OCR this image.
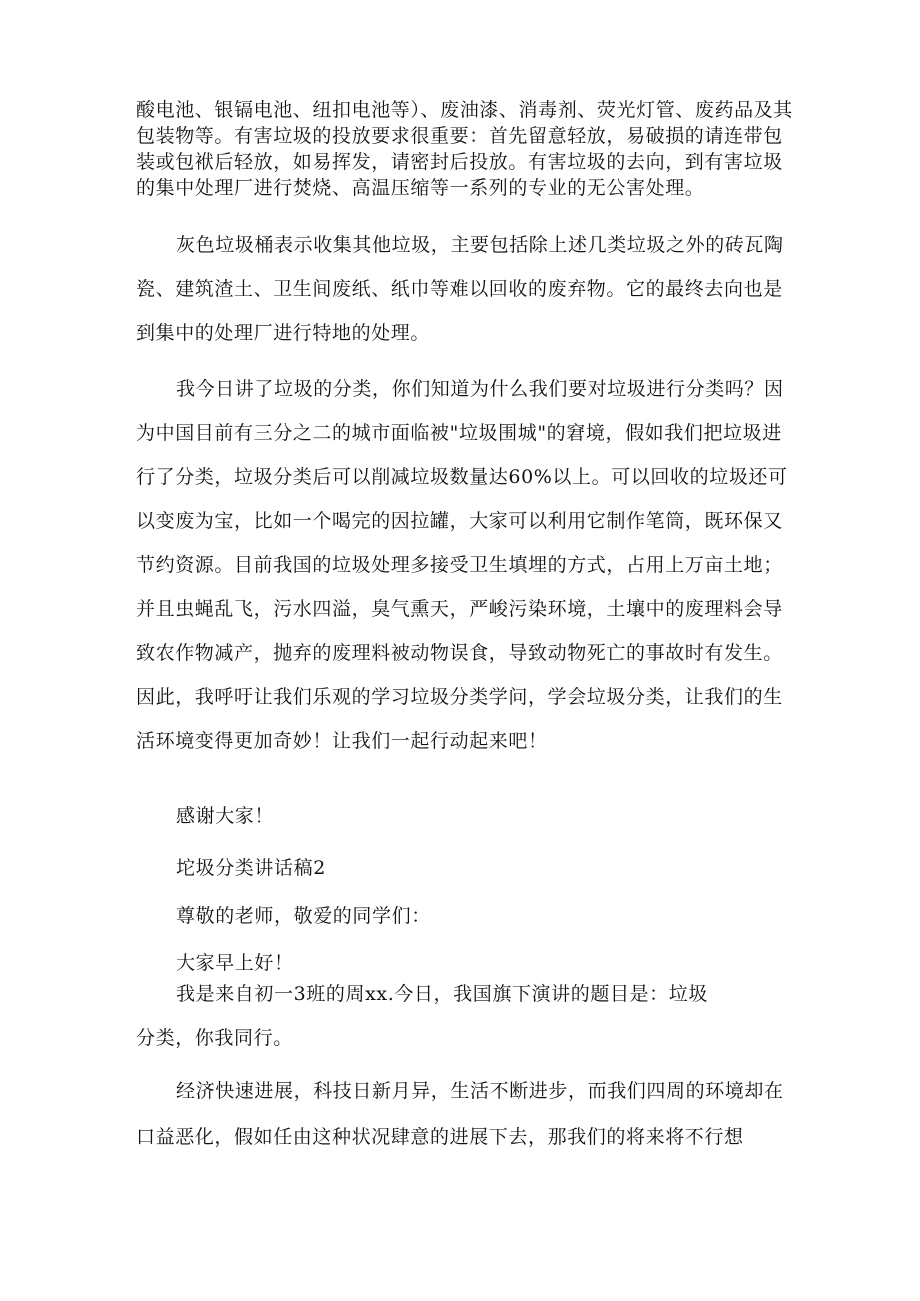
酸电池、银镉电池、纽扣电池等）、废油漆、消毒剂、荧光灯管、废药品及其包装物等。有害垃圾的投放要求很重要：首先留意轻放，易破损的请连带包装或包袱后轻放，如易挥发，请密封后投放。有害垃圾的去向，到有害垃圾的集中处理厂进行焚烧、高温压缩等一系列的专业的无公害处理。

灰色垃圾桶表示收集其他垃圾，主要包括除上述几类垃圾之外的砖瓦陶瓷、建筑渣土、卫生间废纸、纸巾等难以回收的废弃物。它的最终去向也是到集中的处理厂进行特地的处理。

我今日讲了垃圾的分类，你们知道为什么我们要对垃圾进行分类吗？因为中国目前有三分之二的城市面临被"垃圾围城"的窘境，假如我们把垃圾进行了分类，垃圾分类后可以削减垃圾数量达60%以上。可以回收的垃圾还可以变废为宝，比如一个喝完的因拉罐，大家可以利用它制作笔筒，既环保又节约资源。目前我国的垃圾处理多接受卫生填埋的方式，占用上万亩土地；并且虫蝇乱飞，污水四溢，臭气熏天，严峻污染环境，土壤中的废理料会导致农作物减产，抛弃的废理料被动物误食，导致动物死亡的事故时有发生。因此，我呼吁让我们乐观的学习垃圾分类学问，学会垃圾分类，让我们的生活环境变得更加奇妙！让我们一起行动起来吧！

感谢大家！

坨圾分类讲话稿2

尊敬的老师，敬爱的同学们：

大家早上好！

我是来自初一3班的周xx.今日，我国旗下演讲的题目是：垃圾

分类，你我同行。

经济快速进展，科技日新月异，生活不断进步，而我们四周的环境却在口益恶化，假如任由这种状况肆意的进展下去，那我们的将来将不行想
